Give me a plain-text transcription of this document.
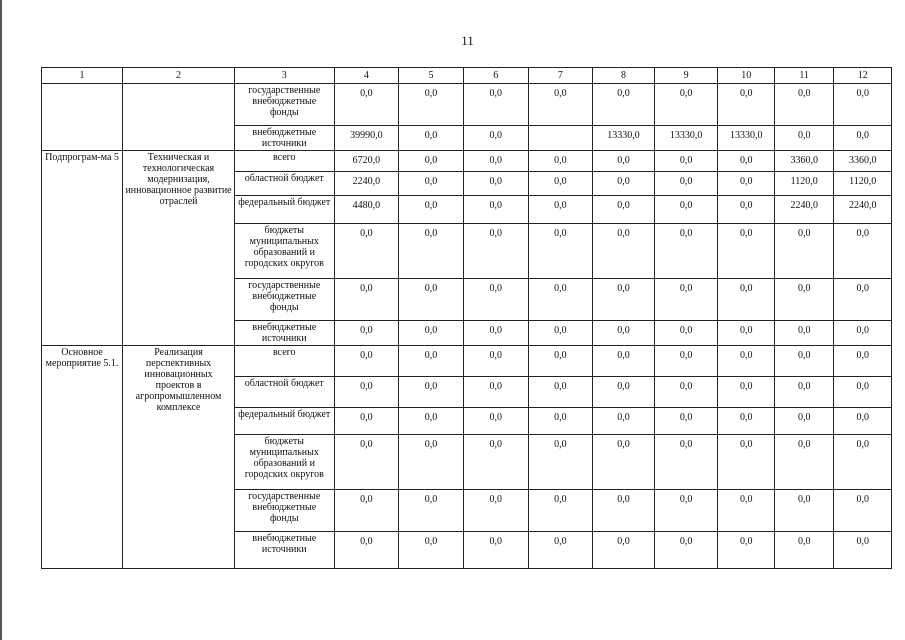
11
1	2	3	4	5	6	7	8	9	10	11	12
		государственные внебюджетные фонды	0,0	0,0	0,0	0,0	0,0	0,0	0,0	0,0	0,0
		внебюджетные источники	39990,0	0,0	0,0		13330,0	13330,0	13330,0	0,0	0,0
Подпрограм-ма 5	Техническая и технологическая модернизация, инновационное развитие отраслей	всего	6720,0	0,0	0,0	0,0	0,0	0,0	0,0	3360,0	3360,0
		областной бюджет	2240,0	0,0	0,0	0,0	0,0	0,0	0,0	1120,0	1120,0
		федеральный бюджет	4480,0	0,0	0,0	0,0	0,0	0,0	0,0	2240,0	2240,0
		бюджеты муниципальных образований и городских округов	0,0	0,0	0,0	0,0	0,0	0,0	0,0	0,0	0,0
		государственные внебюджетные фонды	0,0	0,0	0,0	0,0	0,0	0,0	0,0	0,0	0,0
		внебюджетные источники	0,0	0,0	0,0	0,0	0,0	0,0	0,0	0,0	0,0
Основное мероприятие 5.1.	Реализация перспективных инновационных проектов в агропромышленном комплексе	всего	0,0	0,0	0,0	0,0	0,0	0,0	0,0	0,0	0,0
		областной бюджет	0,0	0,0	0,0	0,0	0,0	0,0	0,0	0,0	0,0
		федеральный бюджет	0,0	0,0	0,0	0,0	0,0	0,0	0,0	0,0	0,0
		бюджеты муниципальных образований и городских округов	0,0	0,0	0,0	0,0	0,0	0,0	0,0	0,0	0,0
		государственные внебюджетные фонды	0,0	0,0	0,0	0,0	0,0	0,0	0,0	0,0	0,0
		внебюджетные источники	0,0	0,0	0,0	0,0	0,0	0,0	0,0	0,0	0,0
